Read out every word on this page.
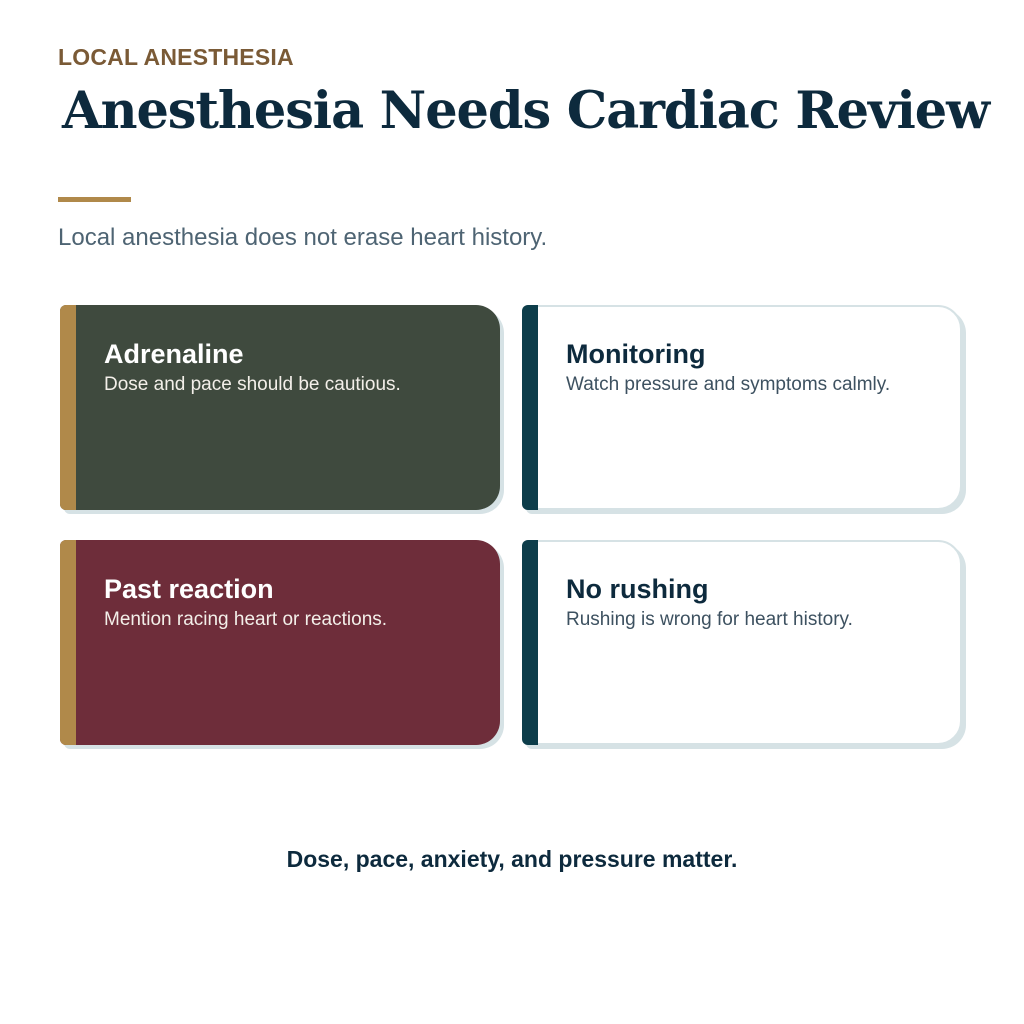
LOCAL ANESTHESIA
Anesthesia Needs Cardiac Review
Local anesthesia does not erase heart history.
Adrenaline
Dose and pace should be cautious.
Monitoring
Watch pressure and symptoms calmly.
Past reaction
Mention racing heart or reactions.
No rushing
Rushing is wrong for heart history.
Dose, pace, anxiety, and pressure matter.
